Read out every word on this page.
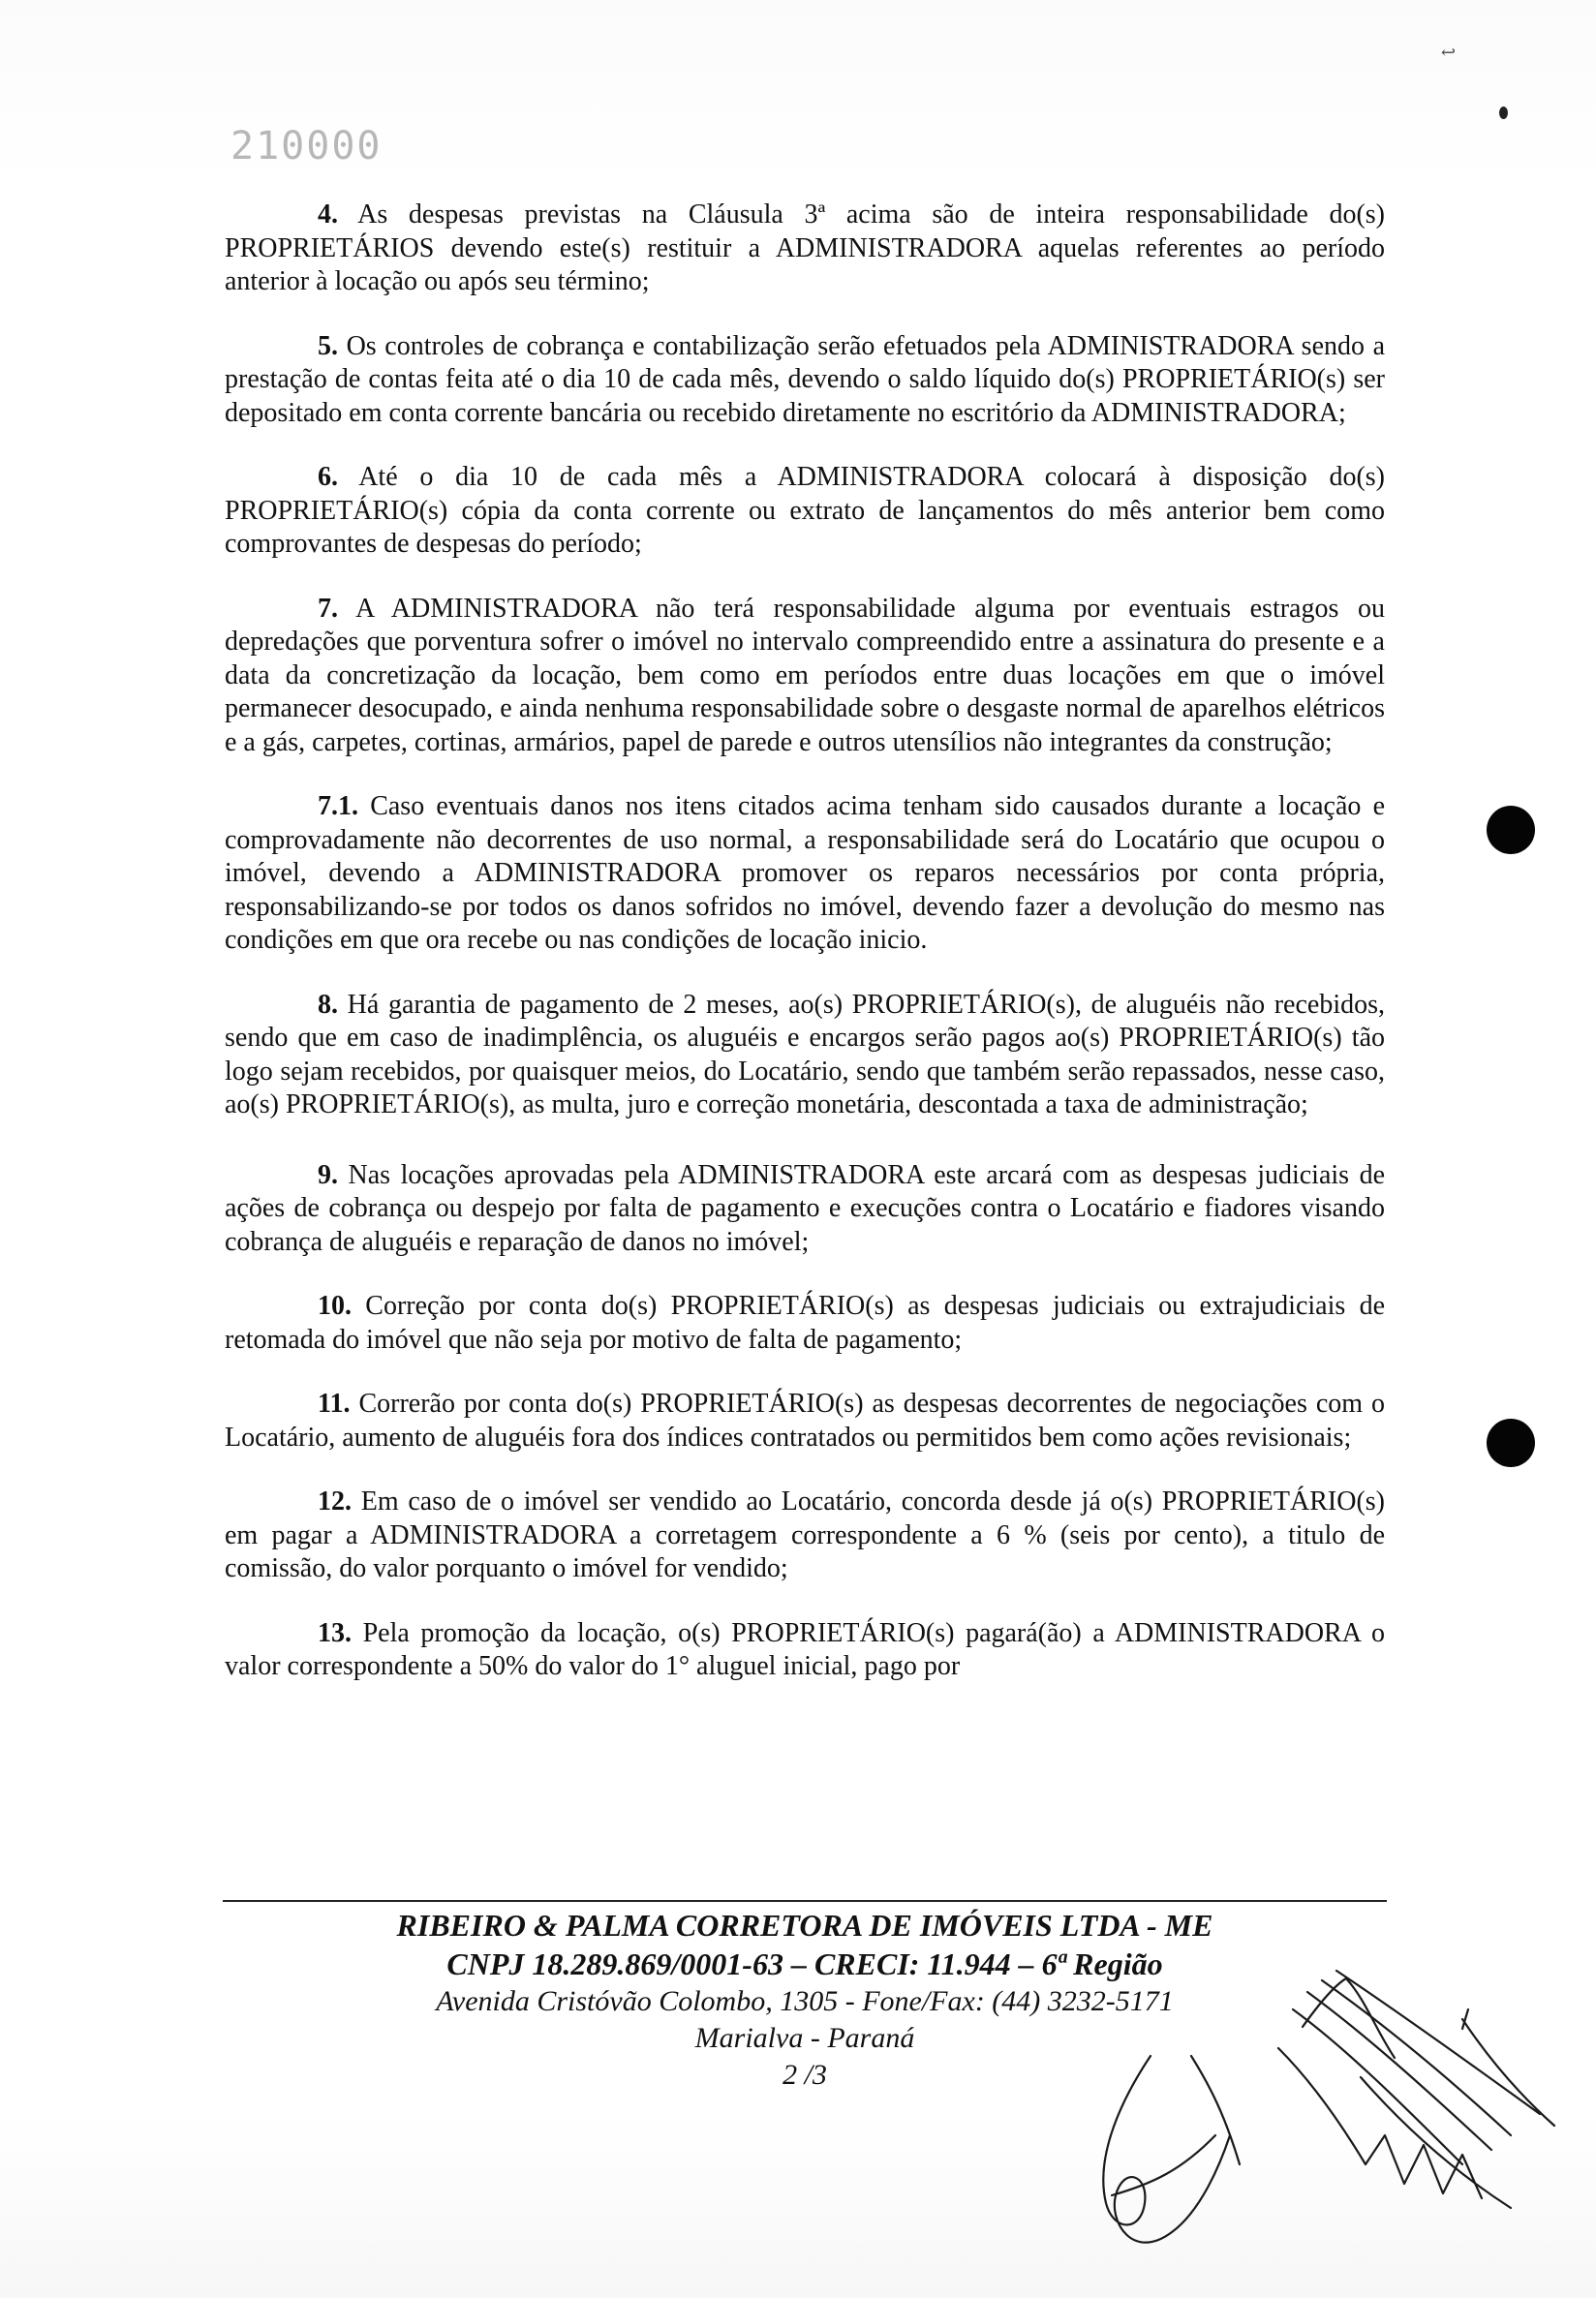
210000
↩

4. As despesas previstas na Cláusula 3ª acima são de inteira responsabilidade do(s) PROPRIETÁRIOS devendo este(s) restituir a ADMINISTRADORA aquelas referentes ao período anterior à locação ou após seu término;

5. Os controles de cobrança e contabilização serão efetuados pela ADMINISTRADORA sendo a prestação de contas feita até o dia 10 de cada mês, devendo o saldo líquido do(s) PROPRIETÁRIO(s) ser depositado em conta corrente bancária ou recebido diretamente no escritório da ADMINISTRADORA;

6. Até o dia 10 de cada mês a ADMINISTRADORA colocará à disposição do(s) PROPRIETÁRIO(s) cópia da conta corrente ou extrato de lançamentos do mês anterior bem como comprovantes de despesas do período;

7. A ADMINISTRADORA não terá responsabilidade alguma por eventuais estragos ou depredações que porventura sofrer o imóvel no intervalo compreendido entre a assinatura do presente e a data da concretização da locação, bem como em períodos entre duas locações em que o imóvel permanecer desocupado, e ainda nenhuma responsabilidade sobre o desgaste normal de aparelhos elétricos e a gás, carpetes, cortinas, armários, papel de parede e outros utensílios não integrantes da construção;

7.1. Caso eventuais danos nos itens citados acima tenham sido causados durante a locação e comprovadamente não decorrentes de uso normal, a responsabilidade será do Locatário que ocupou o imóvel, devendo a ADMINISTRADORA promover os reparos necessários por conta própria, responsabilizando-se por todos os danos sofridos no imóvel, devendo fazer a devolução do mesmo nas condições em que ora recebe ou nas condições de locação inicio.

8. Há garantia de pagamento de 2 meses, ao(s) PROPRIETÁRIO(s), de aluguéis não recebidos, sendo que em caso de inadimplência, os aluguéis e encargos serão pagos ao(s) PROPRIETÁRIO(s) tão logo sejam recebidos, por quaisquer meios, do Locatário, sendo que também serão repassados, nesse caso, ao(s) PROPRIETÁRIO(s), as multa, juro e correção monetária, descontada a taxa de administração;

9. Nas locações aprovadas pela ADMINISTRADORA este arcará com as despesas judiciais de ações de cobrança ou despejo por falta de pagamento e execuções contra o Locatário e fiadores visando cobrança de aluguéis e reparação de danos no imóvel;

10. Correção por conta do(s) PROPRIETÁRIO(s) as despesas judiciais ou extrajudiciais de retomada do imóvel que não seja por motivo de falta de pagamento;

11. Correrão por conta do(s) PROPRIETÁRIO(s) as despesas decorrentes de negociações com o Locatário, aumento de aluguéis fora dos índices contratados ou permitidos bem como ações revisionais;

12. Em caso de o imóvel ser vendido ao Locatário, concorda desde já o(s) PROPRIETÁRIO(s) em pagar a ADMINISTRADORA a corretagem correspondente a 6 % (seis por cento), a titulo de comissão, do valor porquanto o imóvel for vendido;

13. Pela promoção da locação, o(s) PROPRIETÁRIO(s) pagará(ão) a ADMINISTRADORA o valor correspondente a 50% do valor do 1° aluguel inicial, pago por

RIBEIRO & PALMA CORRETORA DE IMÓVEIS LTDA - ME
CNPJ 18.289.869/0001-63 – CRECI: 11.944 – 6ª Região
Avenida Cristóvão Colombo, 1305 - Fone/Fax: (44) 3232-5171
Marialva - Paraná
2 /3
